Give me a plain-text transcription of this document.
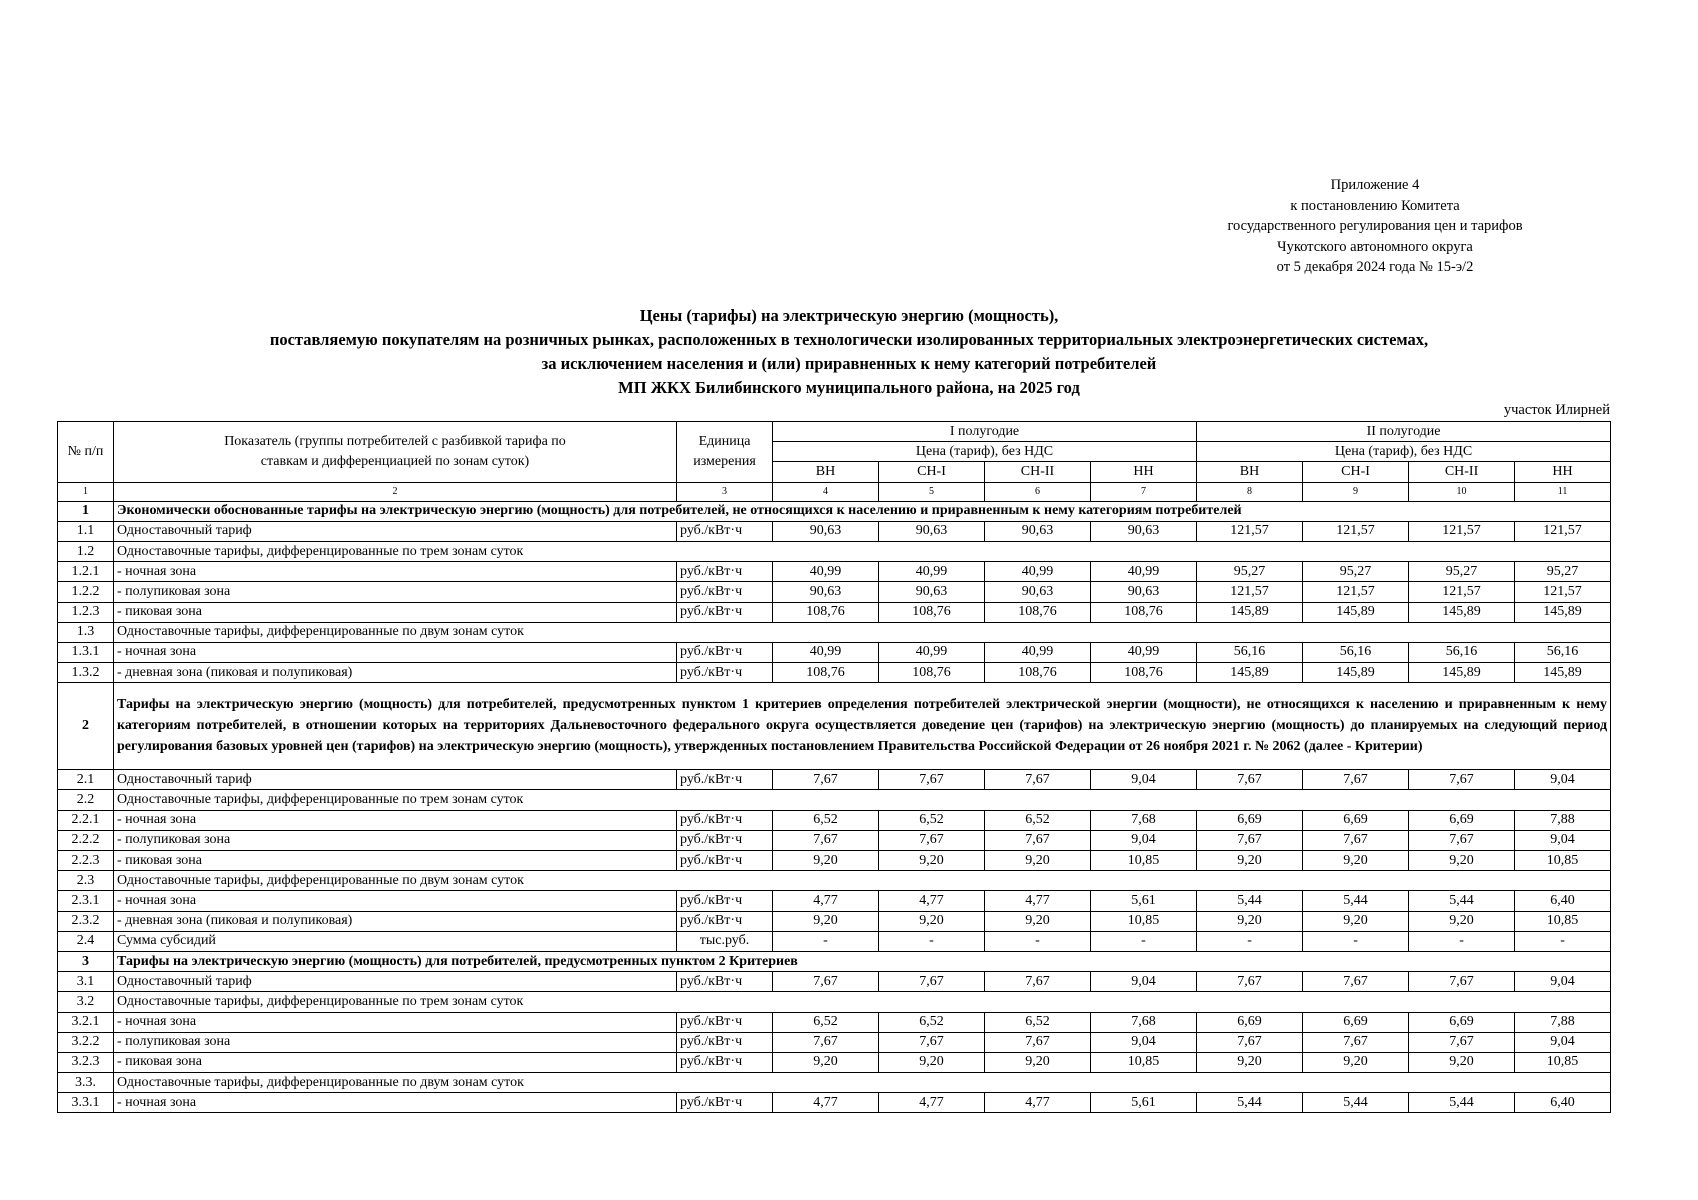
Приложение 4
к постановлению Комитета
государственного регулирования цен и тарифов
Чукотского автономного округа
от 5 декабря 2024 года № 15-э/2
Цены (тарифы) на электрическую энергию (мощность),
поставляемую покупателям на розничных рынках, расположенных в технологически изолированных территориальных электроэнергетических системах,
за исключением населения и (или) приравненных к нему категорий потребителей
МП ЖКХ Билибинского муниципального района, на 2025 год
участок Илирней
№ п/п	Показатель (группы потребителей с разбивкой тарифа по ставкам и дифференциацией по зонам суток)	Единица измерения	I полугодие				II полугодие			
			Цена (тариф), без НДС				Цена (тариф), без НДС			
			ВН	СН-I	СН-II	НН	ВН	СН-I	СН-II	НН
1	2	3	4	5	6	7	8	9	10	11
1	Экономически обоснованные тарифы на электрическую энергию (мощность) для потребителей, не относящихся к населению и приравненным к нему категориям потребителей									
1.1	Одноставочный тариф	руб./кВт·ч	90,63	90,63	90,63	90,63	121,57	121,57	121,57	121,57
1.2	Одноставочные тарифы, дифференцированные по трем зонам суток									
1.2.1	- ночная зона	руб./кВт·ч	40,99	40,99	40,99	40,99	95,27	95,27	95,27	95,27
1.2.2	- полупиковая зона	руб./кВт·ч	90,63	90,63	90,63	90,63	121,57	121,57	121,57	121,57
1.2.3	- пиковая зона	руб./кВт·ч	108,76	108,76	108,76	108,76	145,89	145,89	145,89	145,89
1.3	Одноставочные тарифы, дифференцированные по двум зонам суток									
1.3.1	- ночная зона	руб./кВт·ч	40,99	40,99	40,99	40,99	56,16	56,16	56,16	56,16
1.3.2	- дневная зона (пиковая и полупиковая)	руб./кВт·ч	108,76	108,76	108,76	108,76	145,89	145,89	145,89	145,89
2	Тарифы на электрическую энергию (мощность) для потребителей, предусмотренных пунктом 1 критериев определения потребителей электрической энергии (мощности), не относящихся к населению и приравненным к нему категориям потребителей, в отношении которых на территориях Дальневосточного федерального округа осуществляется доведение цен (тарифов) на электрическую энергию (мощность) до планируемых на следующий период регулирования базовых уровней цен (тарифов) на электрическую энергию (мощность), утвержденных постановлением Правительства Российской Федерации от 26 ноября 2021 г. № 2062 (далее - Критерии)									
2.1	Одноставочный тариф	руб./кВт·ч	7,67	7,67	7,67	9,04	7,67	7,67	7,67	9,04
2.2	Одноставочные тарифы, дифференцированные по трем зонам суток									
2.2.1	- ночная зона	руб./кВт·ч	6,52	6,52	6,52	7,68	6,69	6,69	6,69	7,88
2.2.2	- полупиковая зона	руб./кВт·ч	7,67	7,67	7,67	9,04	7,67	7,67	7,67	9,04
2.2.3	- пиковая зона	руб./кВт·ч	9,20	9,20	9,20	10,85	9,20	9,20	9,20	10,85
2.3	Одноставочные тарифы, дифференцированные по двум зонам суток									
2.3.1	- ночная зона	руб./кВт·ч	4,77	4,77	4,77	5,61	5,44	5,44	5,44	6,40
2.3.2	- дневная зона (пиковая и полупиковая)	руб./кВт·ч	9,20	9,20	9,20	10,85	9,20	9,20	9,20	10,85
2.4	Сумма субсидий	тыс.руб.	-	-	-	-	-	-	-	-
3	Тарифы на электрическую энергию (мощность) для потребителей, предусмотренных пунктом 2 Критериев									
3.1	Одноставочный тариф	руб./кВт·ч	7,67	7,67	7,67	9,04	7,67	7,67	7,67	9,04
3.2	Одноставочные тарифы, дифференцированные по трем зонам суток									
3.2.1	- ночная зона	руб./кВт·ч	6,52	6,52	6,52	7,68	6,69	6,69	6,69	7,88
3.2.2	- полупиковая зона	руб./кВт·ч	7,67	7,67	7,67	9,04	7,67	7,67	7,67	9,04
3.2.3	- пиковая зона	руб./кВт·ч	9,20	9,20	9,20	10,85	9,20	9,20	9,20	10,85
3.3.	Одноставочные тарифы, дифференцированные по двум зонам суток									
3.3.1	- ночная зона	руб./кВт·ч	4,77	4,77	4,77	5,61	5,44	5,44	5,44	6,40
